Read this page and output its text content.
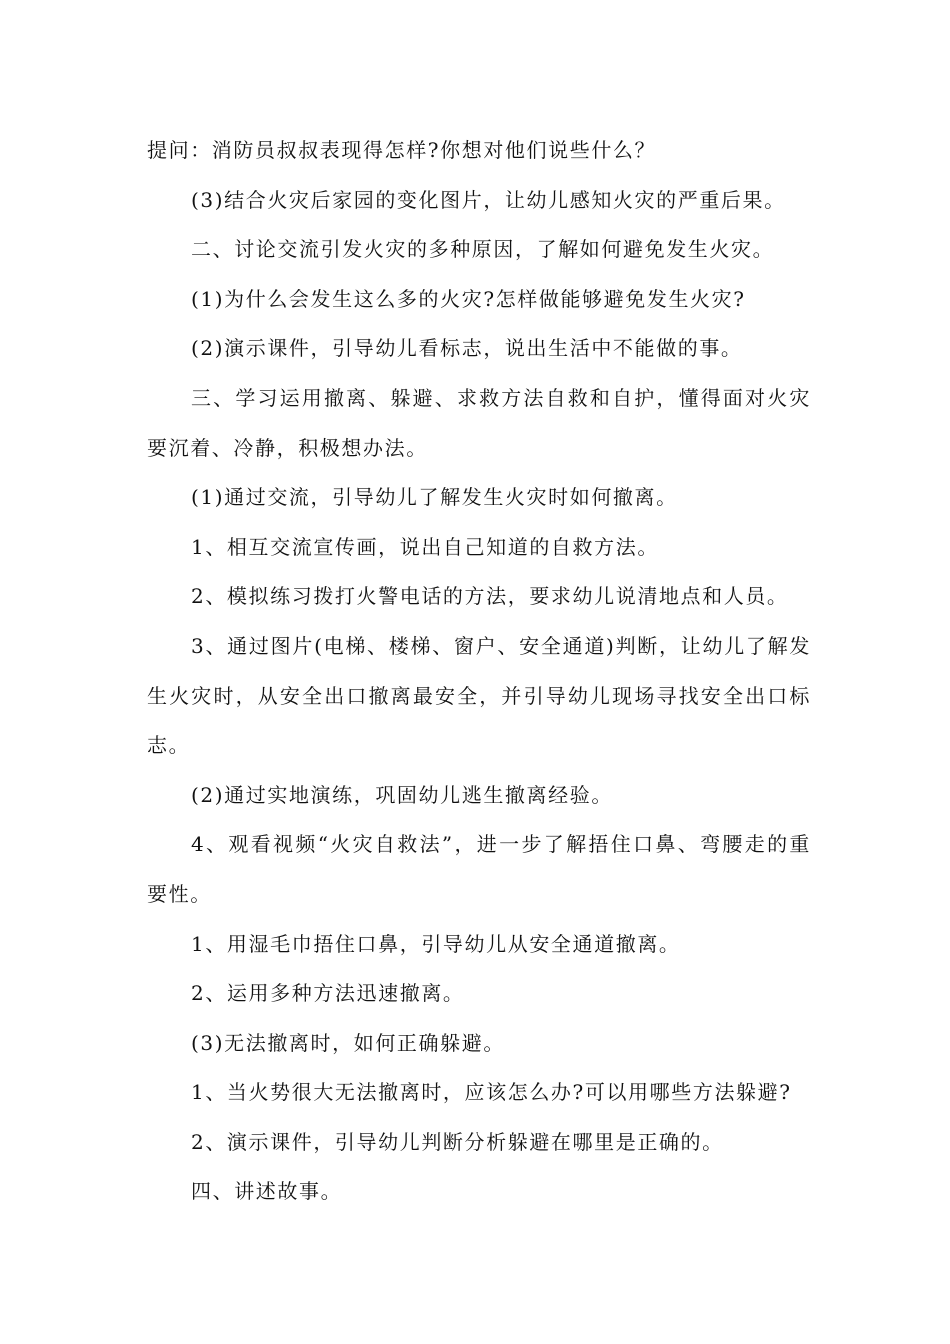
提问：消防员叔叔表现得怎样?你想对他们说些什么？

(3)结合火灾后家园的变化图片，让幼儿感知火灾的严重后果。

二、讨论交流引发火灾的多种原因，了解如何避免发生火灾。

(1)为什么会发生这么多的火灾?怎样做能够避免发生火灾?

(2)演示课件，引导幼儿看标志，说出生活中不能做的事。

三、学习运用撤离、躲避、求救方法自救和自护，懂得面对火灾要沉着、冷静，积极想办法。

(1)通过交流，引导幼儿了解发生火灾时如何撤离。

1、相互交流宣传画，说出自己知道的自救方法。

2、模拟练习拨打火警电话的方法，要求幼儿说清地点和人员。

3、通过图片(电梯、楼梯、窗户、安全通道)判断，让幼儿了解发生火灾时，从安全出口撤离最安全，并引导幼儿现场寻找安全出口标志。

(2)通过实地演练，巩固幼儿逃生撤离经验。

4、观看视频“火灾自救法”，进一步了解捂住口鼻、弯腰走的重要性。

1、用湿毛巾捂住口鼻，引导幼儿从安全通道撤离。

2、运用多种方法迅速撤离。

(3)无法撤离时，如何正确躲避。

1、当火势很大无法撤离时，应该怎么办?可以用哪些方法躲避?

2、演示课件，引导幼儿判断分析躲避在哪里是正确的。

四、讲述故事。
